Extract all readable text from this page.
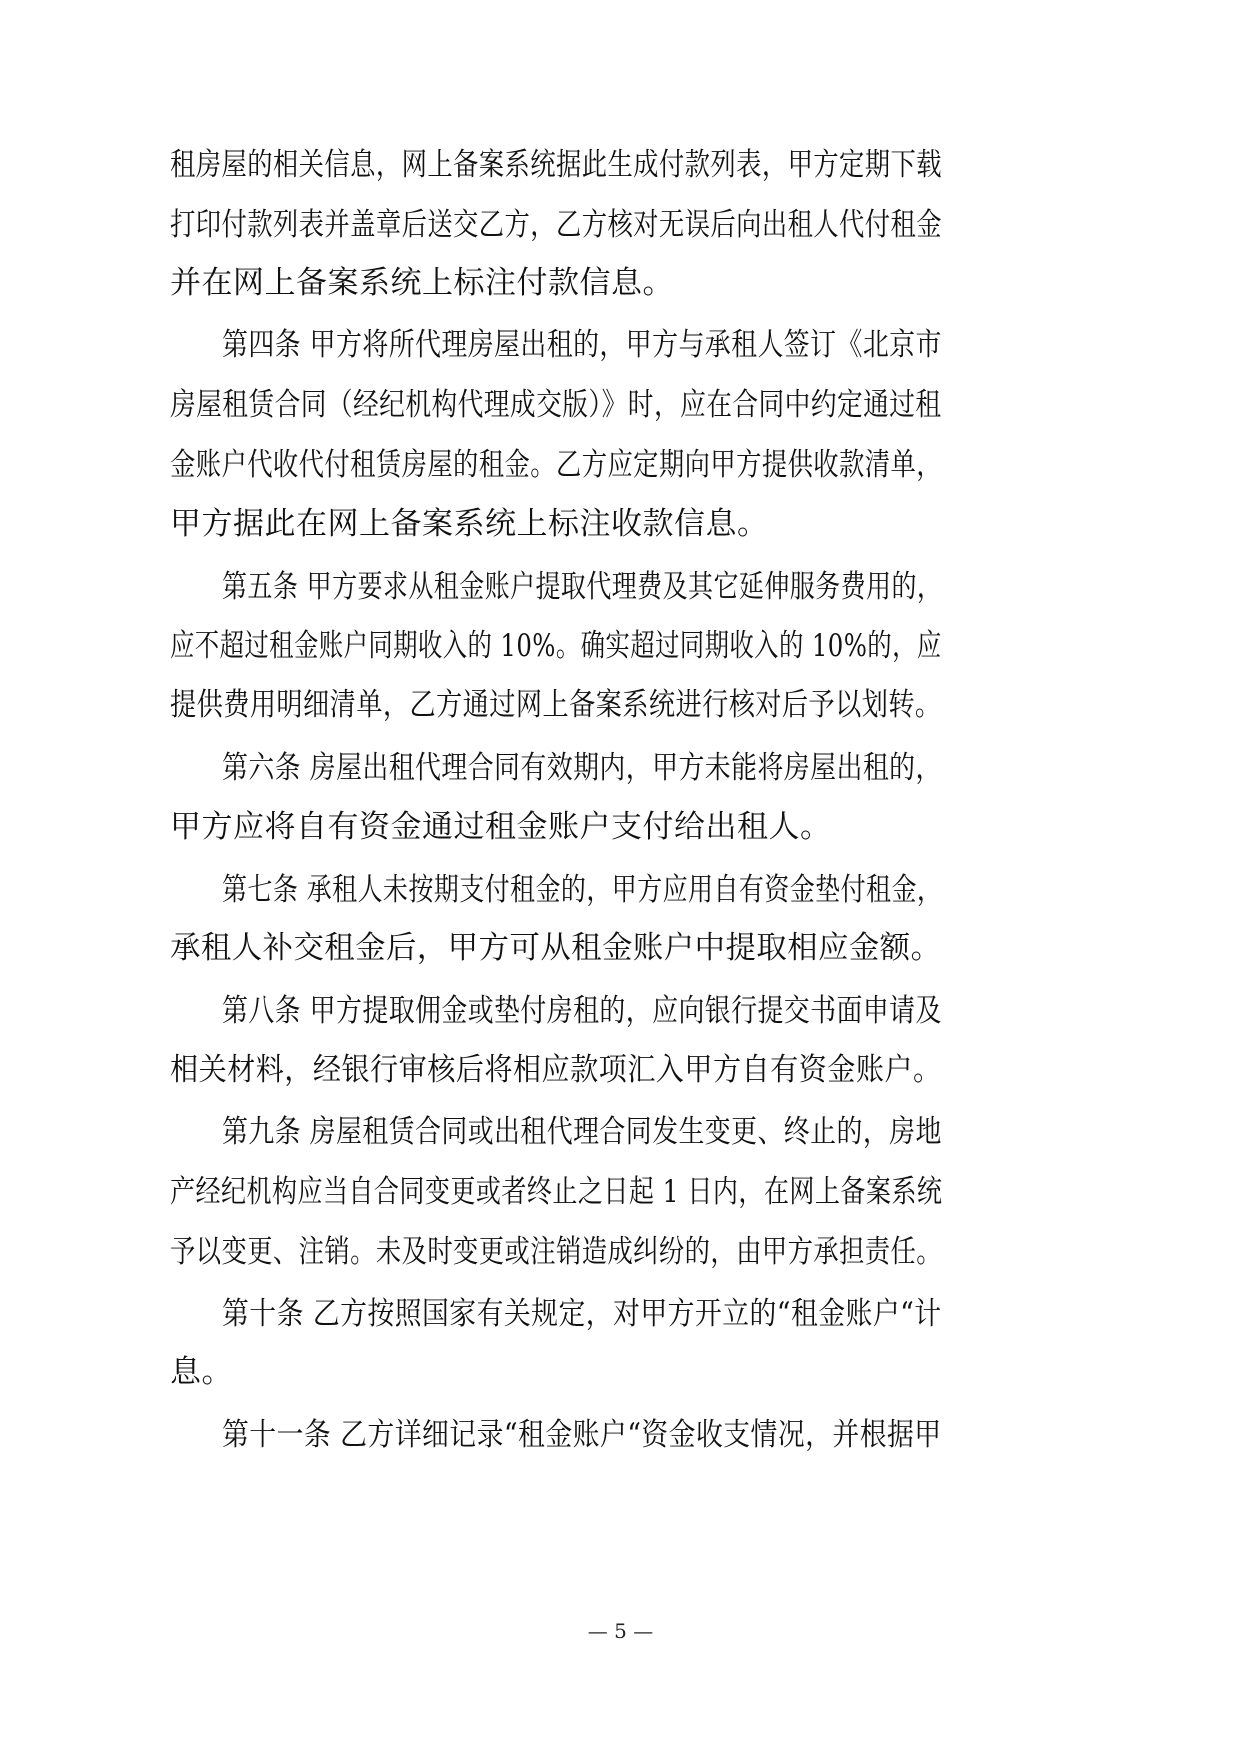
租房屋的相关信息，网上备案系统据此生成付款列表，甲方定期下载
打印付款列表并盖章后送交乙方，乙方核对无误后向出租人代付租金
并在网上备案系统上标注付款信息。
第四条 甲方将所代理房屋出租的，甲方与承租人签订《北京市
房屋租赁合同（经纪机构代理成交版）》时，应在合同中约定通过租
金账户代收代付租赁房屋的租金。乙方应定期向甲方提供收款清单，
甲方据此在网上备案系统上标注收款信息。
第五条 甲方要求从租金账户提取代理费及其它延伸服务费用的，
应不超过租金账户同期收入的 10%。确实超过同期收入的 10%的，应
提供费用明细清单，乙方通过网上备案系统进行核对后予以划转。
第六条 房屋出租代理合同有效期内，甲方未能将房屋出租的，
甲方应将自有资金通过租金账户支付给出租人。
第七条 承租人未按期支付租金的，甲方应用自有资金垫付租金，
承租人补交租金后，甲方可从租金账户中提取相应金额。
第八条 甲方提取佣金或垫付房租的，应向银行提交书面申请及
相关材料，经银行审核后将相应款项汇入甲方自有资金账户。
第九条 房屋租赁合同或出租代理合同发生变更、终止的，房地
产经纪机构应当自合同变更或者终止之日起 1 日内，在网上备案系统
予以变更、注销。未及时变更或注销造成纠纷的，由甲方承担责任。
第十条 乙方按照国家有关规定，对甲方开立的“租金账户“计
息。
第十一条 乙方详细记录“租金账户“资金收支情况，并根据甲
— 5 —
